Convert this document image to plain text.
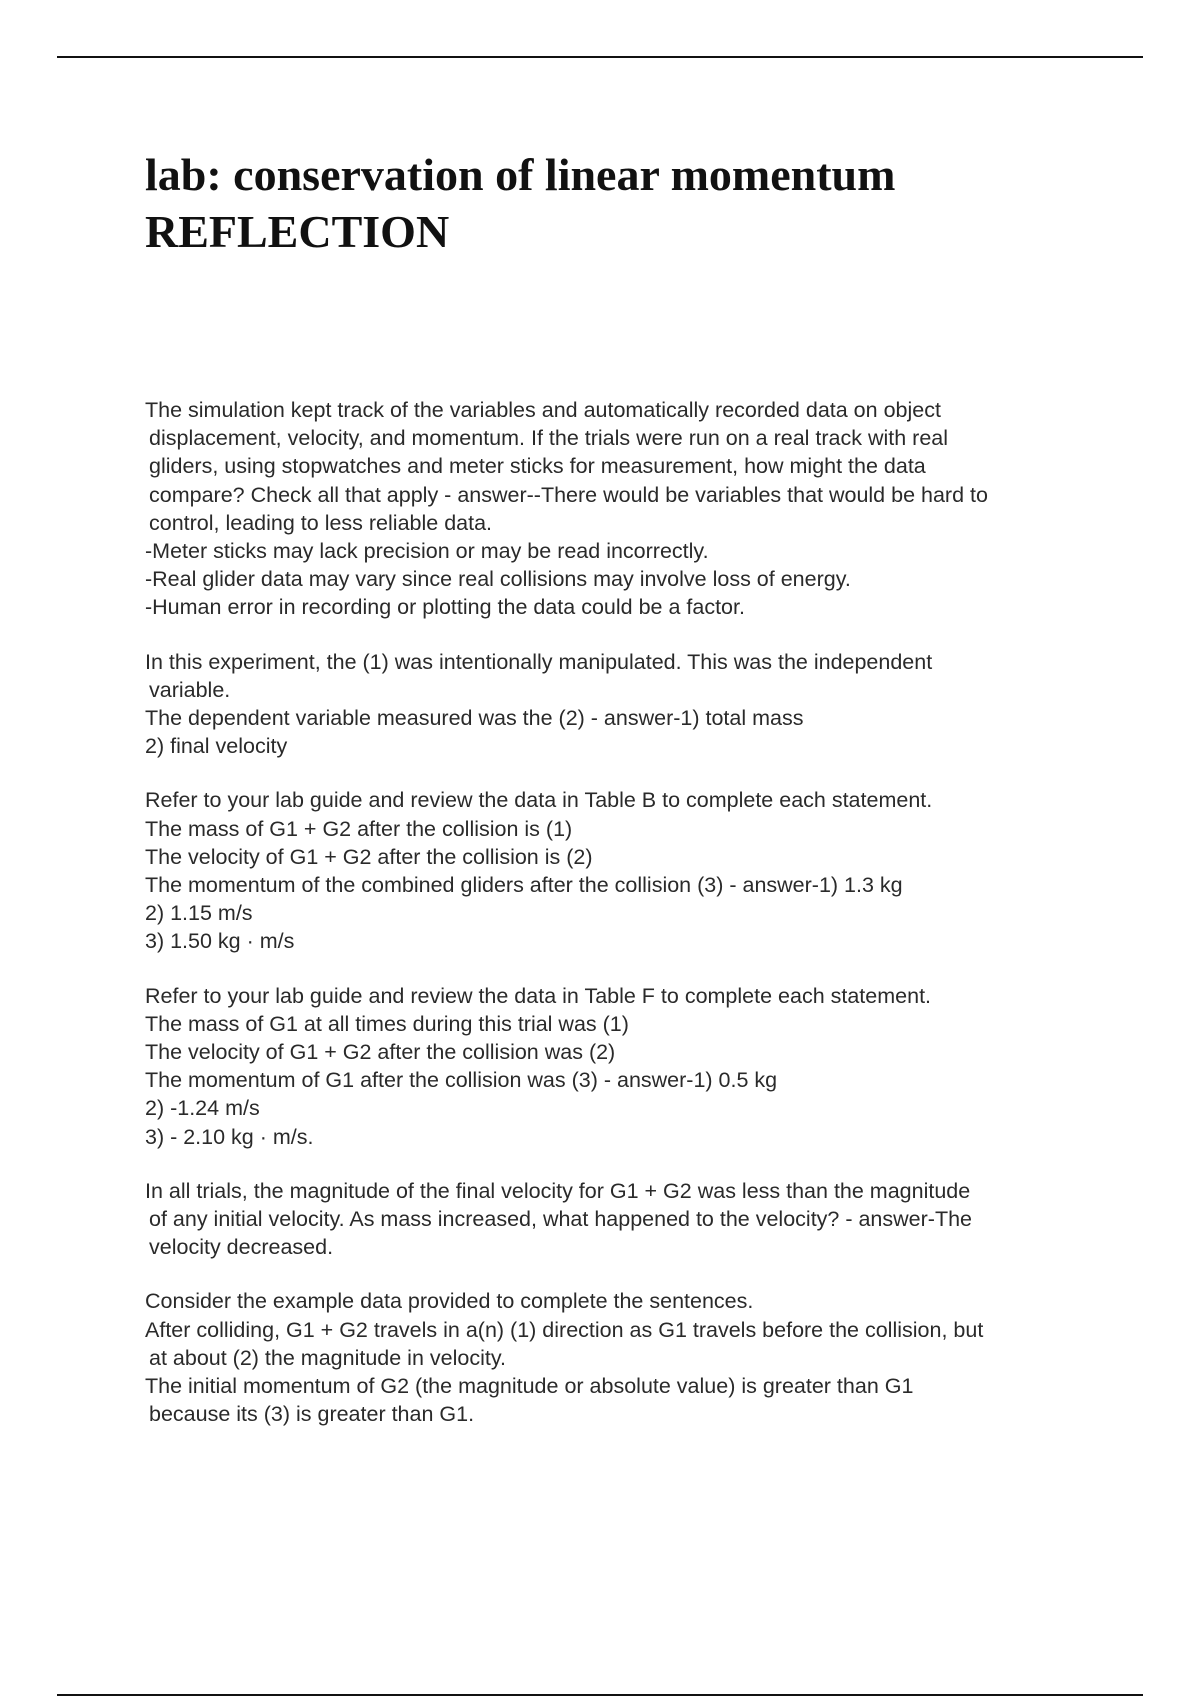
lab: conservation of linear momentum
REFLECTION
The simulation kept track of the variables and automatically recorded data on object
displacement, velocity, and momentum. If the trials were run on a real track with real
gliders, using stopwatches and meter sticks for measurement, how might the data
compare? Check all that apply - answer--There would be variables that would be hard to
control, leading to less reliable data.
-Meter sticks may lack precision or may be read incorrectly.
-Real glider data may vary since real collisions may involve loss of energy.
-Human error in recording or plotting the data could be a factor.
In this experiment, the (1) was intentionally manipulated. This was the independent
variable.
The dependent variable measured was the (2) - answer-1) total mass
2) final velocity
Refer to your lab guide and review the data in Table B to complete each statement.
The mass of G1 + G2 after the collision is (1)
The velocity of G1 + G2 after the collision is (2)
The momentum of the combined gliders after the collision (3) - answer-1) 1.3 kg
2) 1.15 m/s
3) 1.50 kg · m/s
Refer to your lab guide and review the data in Table F to complete each statement.
The mass of G1 at all times during this trial was (1)
The velocity of G1 + G2 after the collision was (2)
The momentum of G1 after the collision was (3) - answer-1) 0.5 kg
2) -1.24 m/s
3) - 2.10 kg · m/s.
In all trials, the magnitude of the final velocity for G1 + G2 was less than the magnitude
of any initial velocity. As mass increased, what happened to the velocity? - answer-The
velocity decreased.
Consider the example data provided to complete the sentences.
After colliding, G1 + G2 travels in a(n) (1) direction as G1 travels before the collision, but
at about (2) the magnitude in velocity.
The initial momentum of G2 (the magnitude or absolute value) is greater than G1
because its (3) is greater than G1.
